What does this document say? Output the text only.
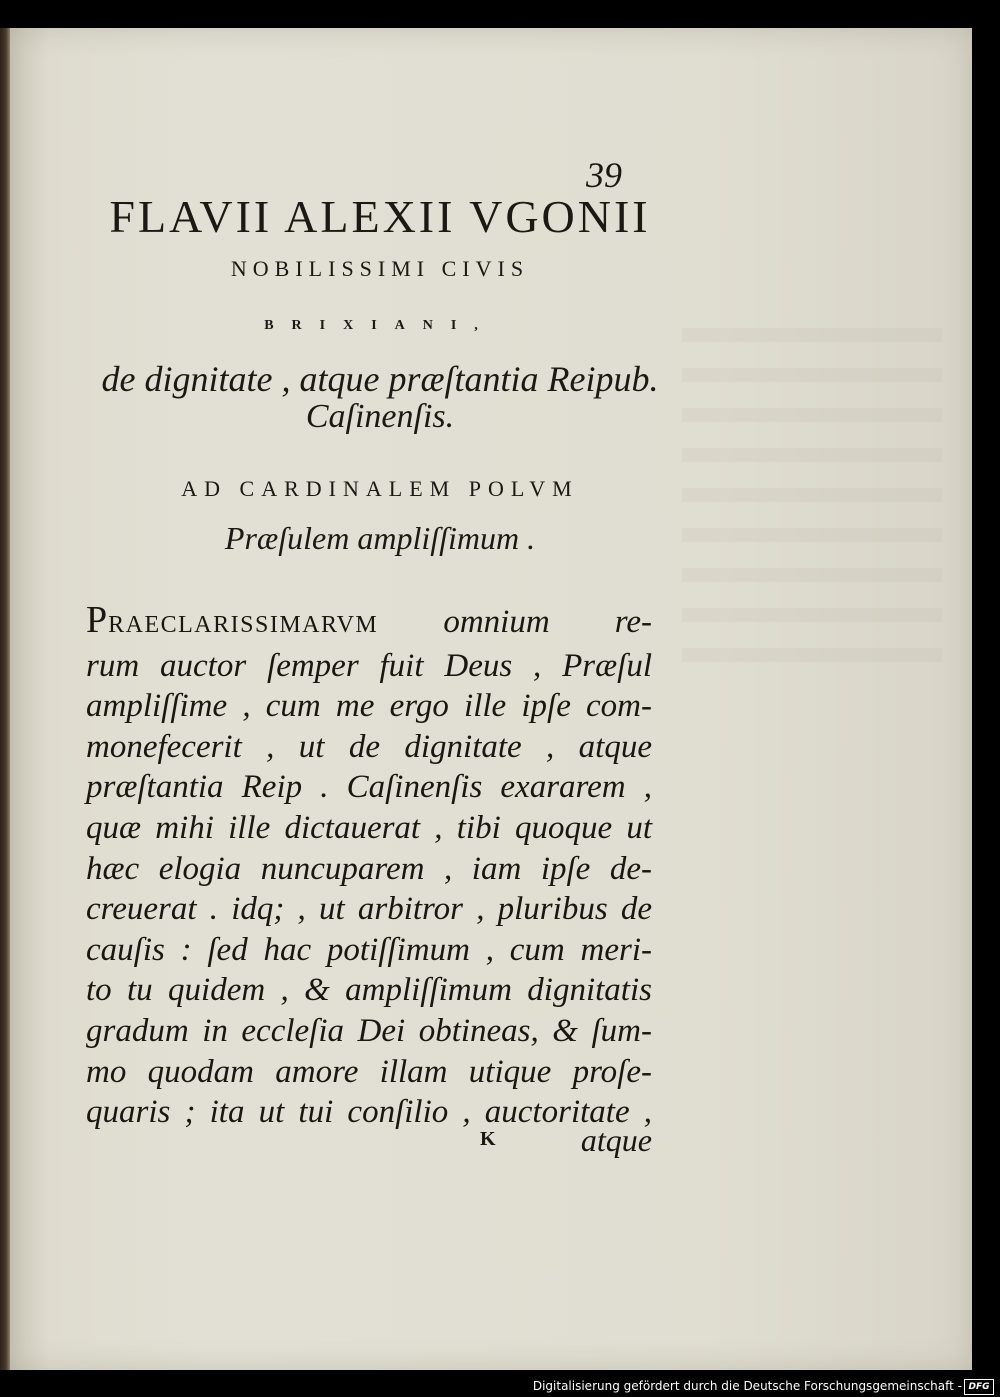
39
FLAVII ALEXII VGONII
NOBILISSIMI CIVIS
BRIXIANI,
de dignitate , atque præſtantia Reipub.
Caſinenſis.
AD CARDINALEM POLVM
Præſulem ampliſſimum .
PRAECLARISSIMARVM omnium re-
rum auctor ſemper fuit Deus , Præſul
ampliſſime , cum me ergo ille ipſe com-
monefecerit , ut de dignitate , atque
præſtantia Reip . Caſinenſis exararem ,
quæ mihi ille dictauerat , tibi quoque ut
hæc elogia nuncuparem , iam ipſe de-
creuerat . idq; , ut arbitror , pluribus de
cauſis : ſed hac potiſſimum , cum meri-
to tu quidem , & ampliſſimum dignitatis
gradum in eccleſia Dei obtineas, & ſum-
mo quodam amore illam utique proſe-
quaris ; ita ut tui conſilio , auctoritate ,
K	atque
Digitalisierung gefördert durch die Deutsche Forschungsgemeinschaft - DFG
